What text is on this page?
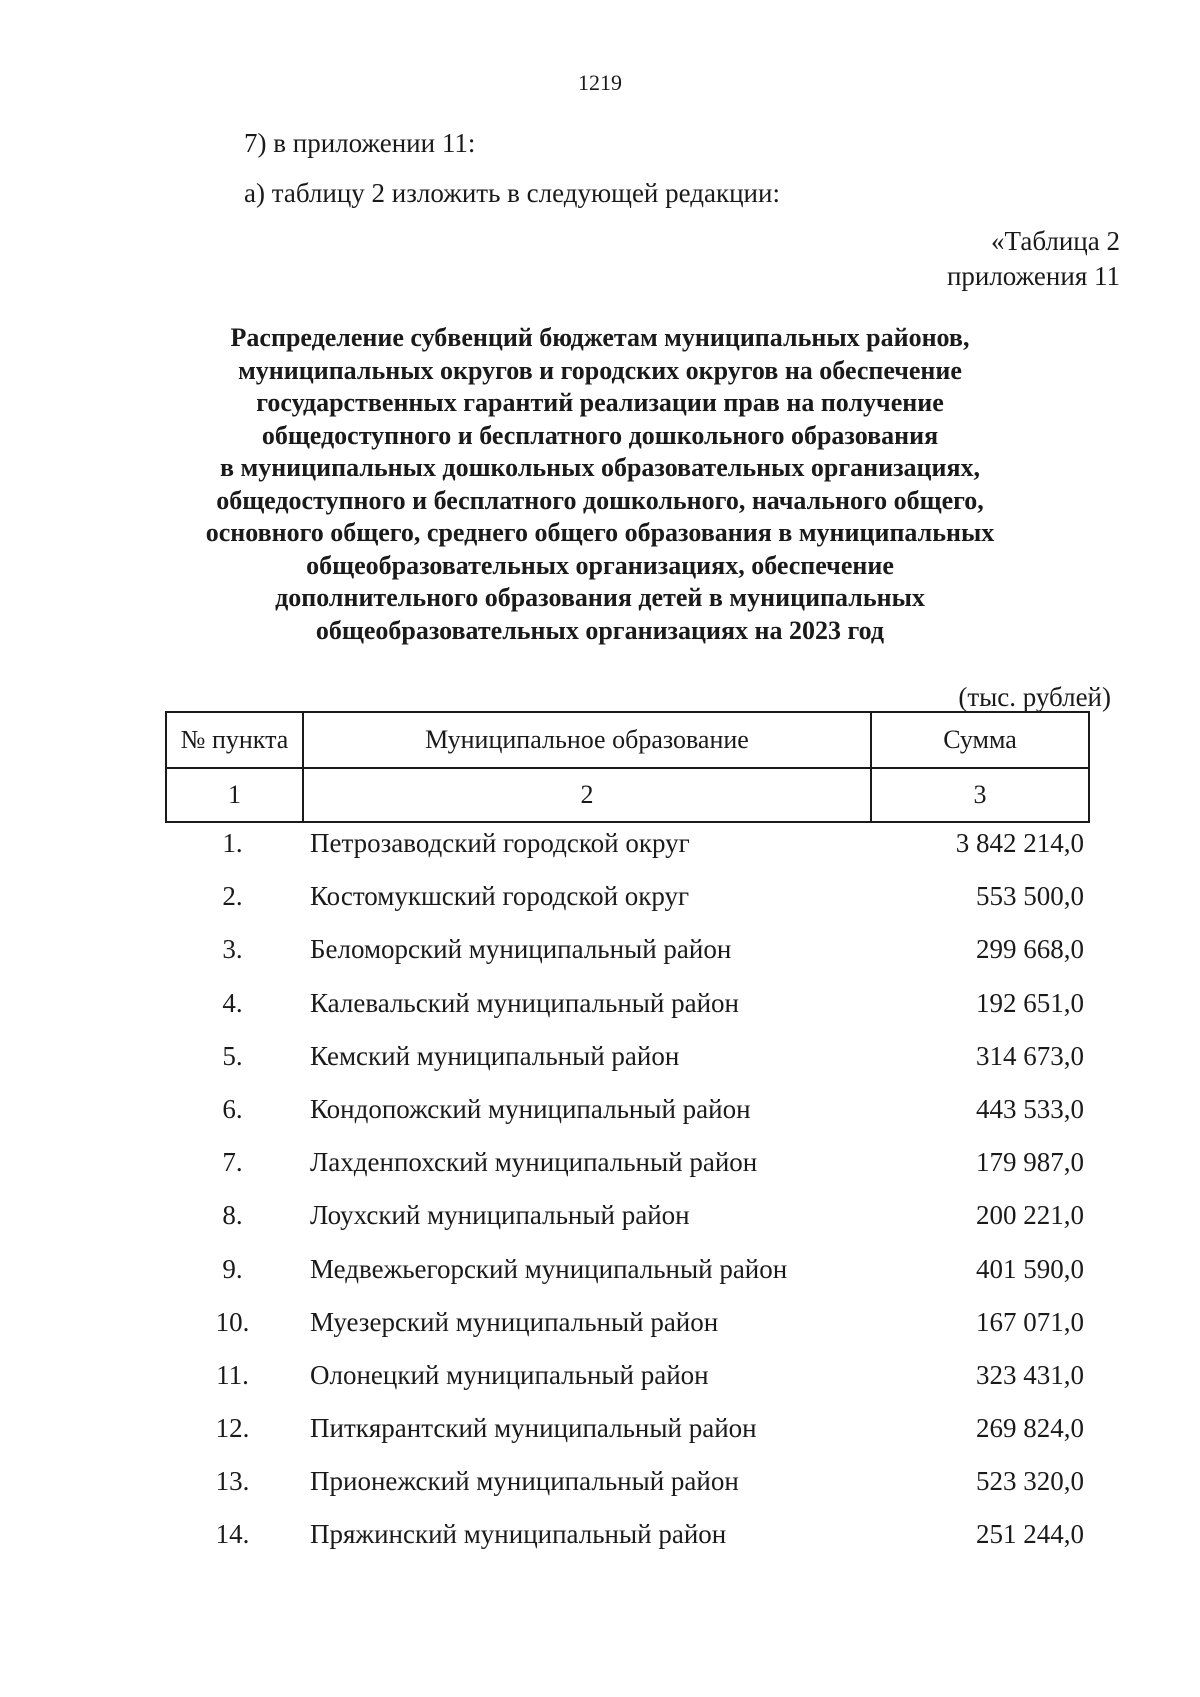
1219
7) в приложении 11:
а) таблицу 2 изложить в следующей редакции:
«Таблица 2
приложения 11
Распределение субвенций бюджетам муниципальных районов,
муниципальных округов и городских округов на обеспечение
государственных гарантий реализации прав на получение
общедоступного и бесплатного дошкольного образования
в муниципальных дошкольных образовательных организациях,
общедоступного и бесплатного дошкольного, начального общего,
основного общего, среднего общего образования в муниципальных
общеобразовательных организациях, обеспечение
дополнительного образования детей в муниципальных
общеобразовательных организациях на 2023 год
(тыс. рублей)
№ пункта	Муниципальное образование	Сумма
1	2	3
1.	Петрозаводский городской округ	3 842 214,0
2.	Костомукшский городской округ	553 500,0
3.	Беломорский муниципальный район	299 668,0
4.	Калевальский муниципальный район	192 651,0
5.	Кемский муниципальный район	314 673,0
6.	Кондопожский муниципальный район	443 533,0
7.	Лахденпохский муниципальный район	179 987,0
8.	Лоухский муниципальный район	200 221,0
9.	Медвежьегорский муниципальный район	401 590,0
10.	Муезерский муниципальный район	167 071,0
11.	Олонецкий муниципальный район	323 431,0
12.	Питкярантский муниципальный район	269 824,0
13.	Прионежский муниципальный район	523 320,0
14.	Пряжинский муниципальный район	251 244,0
